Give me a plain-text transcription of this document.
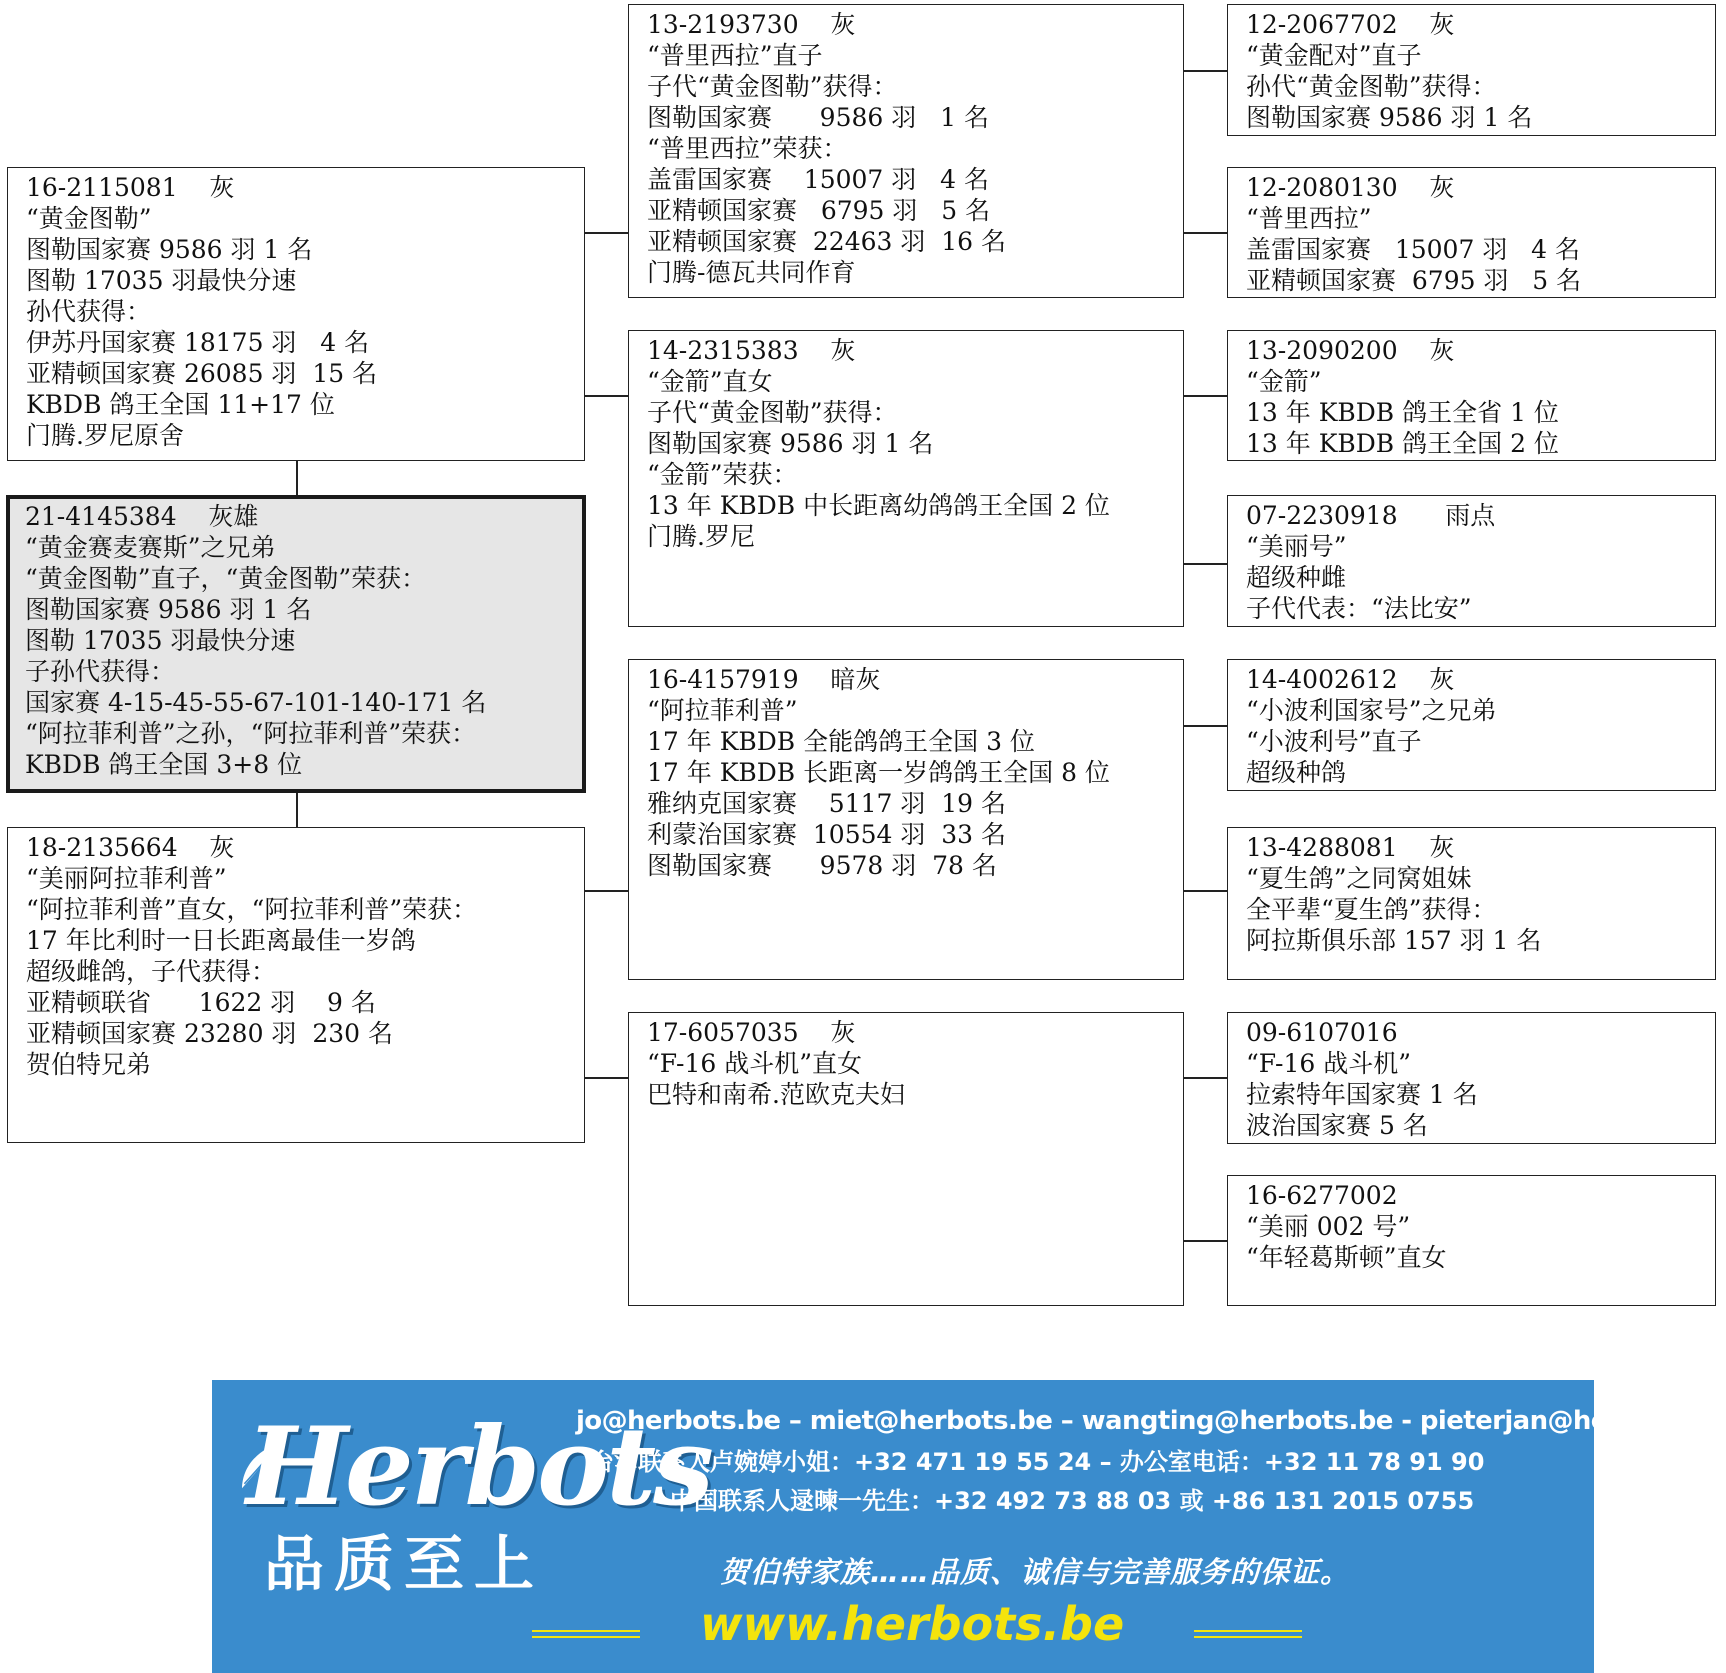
16-2115081    灰
“黄金图勒”
图勒国家赛 9586 羽 1 名
图勒 17035 羽最快分速
孙代获得：
伊苏丹国家赛 18175 羽   4 名
亚精顿国家赛 26085 羽  15 名
KBDB 鸽王全国 11+17 位
门腾.罗尼原舍
21-4145384    灰雄
“黄金赛麦赛斯”之兄弟
“黄金图勒”直子，“黄金图勒”荣获：
图勒国家赛 9586 羽 1 名
图勒 17035 羽最快分速
子孙代获得：
国家赛 4-15-45-55-67-101-140-171 名
“阿拉菲利普”之孙，“阿拉菲利普”荣获：
KBDB 鸽王全国 3+8 位
18-2135664    灰
“美丽阿拉菲利普”
“阿拉菲利普”直女，“阿拉菲利普”荣获：
17 年比利时一日长距离最佳一岁鸽
超级雌鸽，子代获得：
亚精顿联省      1622 羽    9 名
亚精顿国家赛 23280 羽  230 名
贺伯特兄弟
13-2193730    灰
“普里西拉”直子
子代“黄金图勒”获得：
图勒国家赛      9586 羽   1 名
“普里西拉”荣获：
盖雷国家赛    15007 羽   4 名
亚精顿国家赛   6795 羽   5 名
亚精顿国家赛  22463 羽  16 名
门腾-德瓦共同作育
14-2315383    灰
“金箭”直女
子代“黄金图勒”获得：
图勒国家赛 9586 羽 1 名
“金箭”荣获：
13 年 KBDB 中长距离幼鸽鸽王全国 2 位
门腾.罗尼
16-4157919    暗灰
“阿拉菲利普”
17 年 KBDB 全能鸽鸽王全国 3 位
17 年 KBDB 长距离一岁鸽鸽王全国 8 位
雅纳克国家赛    5117 羽  19 名
利蒙治国家赛  10554 羽  33 名
图勒国家赛      9578 羽  78 名
17-6057035    灰
“F-16 战斗机”直女
巴特和南希.范欧克夫妇
12-2067702    灰
“黄金配对”直子
孙代“黄金图勒”获得：
图勒国家赛 9586 羽 1 名
12-2080130    灰
“普里西拉”
盖雷国家赛   15007 羽   4 名
亚精顿国家赛  6795 羽   5 名
13-2090200    灰
“金箭”
13 年 KBDB 鸽王全省 1 位
13 年 KBDB 鸽王全国 2 位
07-2230918      雨点
“美丽号”
超级种雌
子代代表：“法比安”
14-4002612    灰
“小波利国家号”之兄弟
“小波利号”直子
超级种鸽
13-4288081    灰
“夏生鸽”之同窝姐妹
全平辈“夏生鸽”获得：
阿拉斯俱乐部 157 羽 1 名
09-6107016
“F-16 战斗机”
拉索特年国家赛 1 名
波治国家赛 5 名
16-6277002
“美丽 002 号”
“年轻葛斯顿”直女
Herbots
品质至上
jo@herbots.be – miet@herbots.be – wangting@herbots.be - pieterjan@herbots.be
台湾联系人卢婉婷小姐：+32 471 19 55 24 – 办公室电话：+32 11 78 91 90
中国联系人逯暕一先生：+32 492 73 88 03 或 +86 131 2015 0755
贺伯特家族……品质、诚信与完善服务的保证。
www.herbots.be
